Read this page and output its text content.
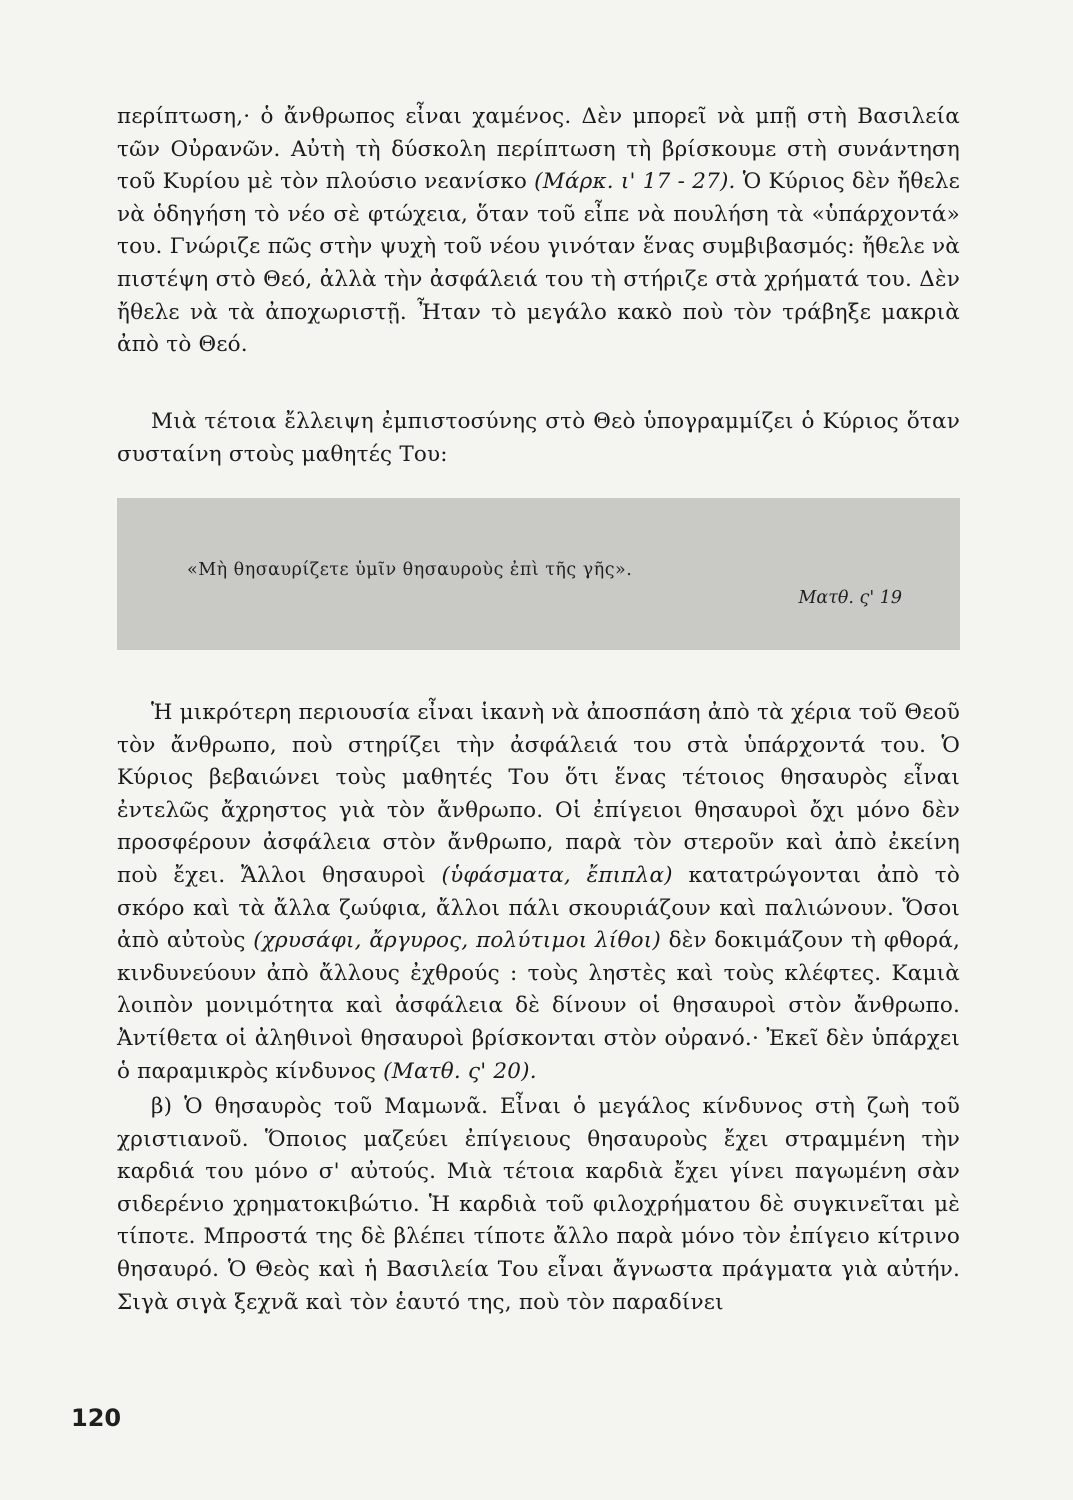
περίπτωση,· ὁ ἄνθρωπος εἶναι χαμένος. Δὲν μπορεῖ νὰ μπῇ στὴ Βασιλεία τῶν Οὐρανῶν. Αὐτὴ τὴ δύσκολη περίπτωση τὴ βρίσκουμε στὴ συνάντηση τοῦ Κυρίου μὲ τὸν πλούσιο νεανίσκο (Μάρκ. ι' 17 - 27). Ὁ Κύριος δὲν ἤθελε νὰ ὁδηγήση τὸ νέο σὲ φτώχεια, ὅταν τοῦ εἶπε νὰ πουλήση τὰ «ὑπάρχοντά» του. Γνώριζε πῶς στὴν ψυχὴ τοῦ νέου γινόταν ἕνας συμβιβασμός: ἤθελε νὰ πιστέψη στὸ Θεό, ἀλλὰ τὴν ἀσφάλειά του τὴ στήριζε στὰ χρήματά του. Δὲν ἤθελε νὰ τὰ ἀποχωριστῇ. Ἦταν τὸ μεγάλο κακὸ ποὺ τὸν τράβηξε μακριὰ ἀπὸ τὸ Θεό.

Μιὰ τέτοια ἔλλειψη ἐμπιστοσύνης στὸ Θεὸ ὑπογραμμίζει ὁ Κύριος ὅταν συσταίνη στοὺς μαθητές Του:

«Μὴ θησαυρίζετε ὑμῖν θησαυροὺς ἐπὶ τῆς γῆς».

Ματθ. ς' 19

Ἡ μικρότερη περιουσία εἶναι ἱκανὴ νὰ ἀποσπάση ἀπὸ τὰ χέρια τοῦ Θεοῦ τὸν ἄνθρωπο, ποὺ στηρίζει τὴν ἀσφάλειά του στὰ ὑπάρχοντά του. Ὁ Κύριος βεβαιώνει τοὺς μαθητές Του ὅτι ἕνας τέτοιος θησαυρὸς εἶναι ἐντελῶς ἄχρηστος γιὰ τὸν ἄνθρωπο. Οἱ ἐπίγειοι θησαυροὶ ὄχι μόνο δὲν προσφέρουν ἀσφάλεια στὸν ἄνθρωπο, παρὰ τὸν στεροῦν καὶ ἀπὸ ἐκείνη ποὺ ἔχει. Ἄλλοι θησαυροὶ (ὑφάσματα, ἔπιπλα) κατατρώγονται ἀπὸ τὸ σκόρο καὶ τὰ ἄλλα ζωύφια, ἄλλοι πάλι σκουριάζουν καὶ παλιώνουν. Ὅσοι ἀπὸ αὐτοὺς (χρυσάφι, ἄργυρος, πολύτιμοι λίθοι) δὲν δοκιμάζουν τὴ φθορά, κινδυνεύουν ἀπὸ ἄλλους ἐχθρούς : τοὺς ληστὲς καὶ τοὺς κλέφτες. Καμιὰ λοιπὸν μονιμότητα καὶ ἀσφάλεια δὲ δίνουν οἱ θησαυροὶ στὸν ἄνθρωπο. Ἀντίθετα οἱ ἀληθινοὶ θησαυροὶ βρίσκονται στὸν οὐρανό.· Ἐκεῖ δὲν ὑπάρχει ὁ παραμικρὸς κίνδυνος (Ματθ. ς' 20).

β) Ὁ θησαυρὸς τοῦ Μαμωνᾶ. Εἶναι ὁ μεγάλος κίνδυνος στὴ ζωὴ τοῦ χριστιανοῦ. Ὅποιος μαζεύει ἐπίγειους θησαυροὺς ἔχει στραμμένη τὴν καρδιά του μόνο σ' αὐτούς. Μιὰ τέτοια καρδιὰ ἔχει γίνει παγωμένη σὰν σιδερένιο χρηματοκιβώτιο. Ἡ καρδιὰ τοῦ φιλοχρήματου δὲ συγκινεῖται μὲ τίποτε. Μπροστά της δὲ βλέπει τίποτε ἄλλο παρὰ μόνο τὸν ἐπίγειο κίτρινο θησαυρό. Ὁ Θεὸς καὶ ἡ Βασιλεία Του εἶναι ἄγνωστα πράγματα γιὰ αὐτήν. Σιγὰ σιγὰ ξεχνᾶ καὶ τὸν ἑαυτό της, ποὺ τὸν παραδίνει

120
